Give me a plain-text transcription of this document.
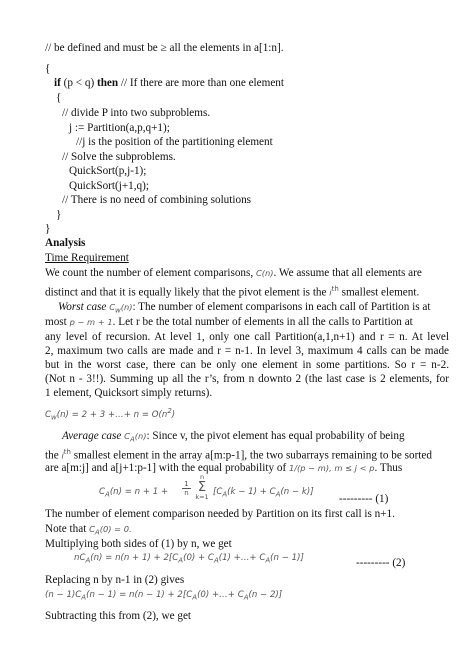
// be defined and must be ≥ all the elements in a[1:n].
{
if (p < q) then // If there are more than one element
{
// divide P into two subproblems.
j := Partition(a,p,q+1);
//j is the position of the partitioning element
// Solve the subproblems.
QuickSort(p,j-1);
QuickSort(j+1,q);
// There is no need of combining solutions
}
}
Analysis
Time Requirement
We count the number of element comparisons, C(n). We assume that all elements are
distinct and that it is equally likely that the pivot element is the $i^{th}$ smallest element.
Worst case $C_w(n)$: The number of element comparisons in each call of Partition is at
most p − m + 1. Let r be the total number of elements in all the calls to Partition at
any level of recursion. At level 1, only one call Partition(a,1,n+1) and r = n. At level
2, maximum two calls are made and r = n-1. In level 3, maximum 4 calls can be made
but in the worst case, there can be only one element in some partitions. So r = n-2.
(Not n - 3!!). Summing up all the r’s, from n downto 2 (the last case is 2 elements, for
1 element, Quicksort simply returns).
$C_w(n) = 2 + 3$ +…+ $n = O(n^2)$
Average case $C_A(n)$: Since v, the pivot element has equal probability of being
the $i^{th}$ smallest element in the array a[m:p-1], the two subarrays remaining to be sorted
are a[m:j] and a[j+1:p-1] with the equal probability of 1/(p − m), m ≤ j < p. Thus
$C_A(n) = n + 1 + \frac{1}{n}$
n
Σ
k=1 $[C_A(k - 1) + C_A(n - k)]$
--------- (1)
The number of element comparison needed by Partition on its first call is n+1.
Note that $C_A(0) = 0$.
Multiplying both sides of (1) by n, we get
$nC_A(n) = n(n + 1) + 2[C_A(0) + C_A(1)$ +…+ $C_A(n - 1)$]	--------- (2)
Replacing n by n-1 in (2) gives
$(n - 1)C_A(n - 1) = n(n - 1) + 2[C_A(0)$ +…+ $C_A(n - 2)$]
Subtracting this from (2), we get
